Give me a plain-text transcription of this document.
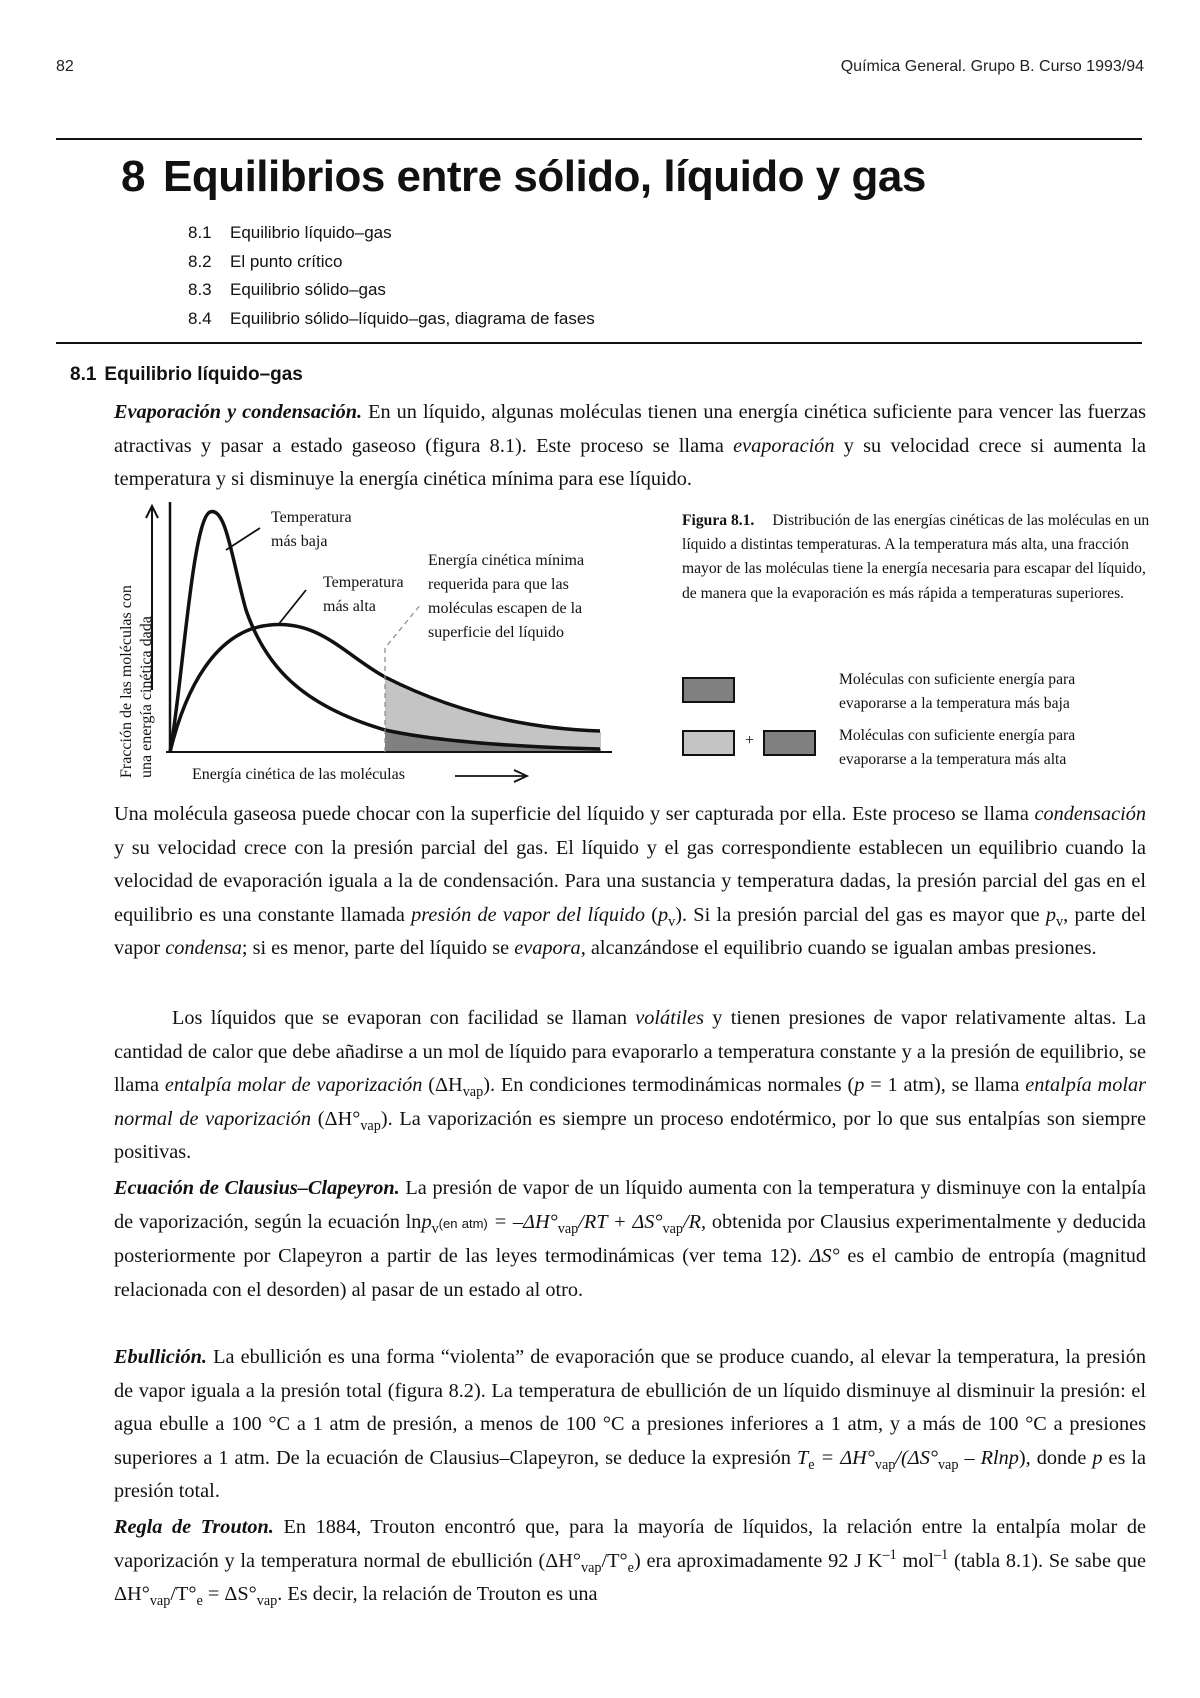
82	Química General. Grupo B. Curso 1993/94
8 Equilibrios entre sólido, líquido y gas
8.1 Equilibrio líquido–gas
8.2 El punto crítico
8.3 Equilibrio sólido–gas
8.4 Equilibrio sólido–líquido–gas, diagrama de fases
8.1 Equilibrio líquido–gas
Evaporación y condensación. En un líquido, algunas moléculas tienen una energía cinética suficiente para vencer las fuerzas atractivas y pasar a estado gaseoso (figura 8.1). Este proceso se llama evaporación y su velocidad crece si aumenta la temperatura y si disminuye la energía cinética mínima para ese líquido.
Fracción de las moléculas con una energía cinética dada Energía cinética de las moléculas
Temperatura
más baja
Temperatura
más alta
Energía cinética mínima
requerida para que las
moléculas escapen de la
superficie del líquido
Figura 8.1. Distribución de las energías cinéticas de las moléculas en un líquido a distintas temperaturas. A la temperatura más alta, una fracción mayor de las moléculas tiene la energía necesaria para escapar del líquido, de manera que la evaporación es más rápida a temperaturas superiores.
Moléculas con suficiente energía para
evaporarse a la temperatura más baja
+	Moléculas con suficiente energía para
evaporarse a la temperatura más alta
Una molécula gaseosa puede chocar con la superficie del líquido y ser capturada por ella. Este proceso se llama condensación y su velocidad crece con la presión parcial del gas. El líquido y el gas correspondiente establecen un equilibrio cuando la velocidad de evaporación iguala a la de condensación. Para una sustancia y temperatura dadas, la presión parcial del gas en el equilibrio es una constante llamada presión de vapor del líquido $(p_v)$. Si la presión parcial del gas es mayor que $p_v$, parte del vapor condensa; si es menor, parte del líquido se evapora, alcanzándose el equilibrio cuando se igualan ambas presiones.
Los líquidos que se evaporan con facilidad se llaman volátiles y tienen presiones de vapor relativamente altas. La cantidad de calor que debe añadirse a un mol de líquido para evaporarlo a temperatura constante y a la presión de equilibrio, se llama entalpía molar de vaporización $(\Delta H_{vap})$. En condiciones termodinámicas normales (p = 1 atm), se llama entalpía molar normal de vaporización $(\Delta H^\circ_{vap})$. La vaporización es siempre un proceso endotérmico, por lo que sus entalpías son siempre positivas.
Ecuación de Clausius–Clapeyron. La presión de vapor de un líquido aumenta con la temperatura y disminuye con la entalpía de vaporización, según la ecuación lnp$_v$(en $atm) = -\Delta H^\circ_{vap}/RT + \Delta S^\circ_{vap}/R$, obtenida por Clausius experimentalmente y deducida posteriormente por Clapeyron a partir de las leyes termodinámicas (ver tema 12). ΔS° es el cambio de entropía (magnitud relacionada con el desorden) al pasar de un estado al otro.
Ebullición. La ebullición es una forma “violenta” de evaporación que se produce cuando, al elevar la temperatura, la presión de vapor iguala a la presión total (figura 8.2). La temperatura de ebullición de un líquido disminuye al disminuir la presión: el agua ebulle a 100 °C a 1 atm de presión, a menos de 100 °C a presiones inferiores a 1 atm, y a más de 100 °C a presiones superiores a 1 atm. De la ecuación de Clausius–Clapeyron, se deduce la expresión $T_e = \Delta H^\circ_{vap}/(\Delta S^\circ_{vap} - Rlnp)$, donde p es la presión total.
Regla de Trouton. En 1884, Trouton encontró que, para la mayoría de líquidos, la relación entre la entalpía molar de vaporización y la temperatura normal de ebullición $(\Delta H^\circ_{vap}/T^\circ_e)$ era aproximadamente 92 J $K^{-1}$ mol$^{-1}$ (tabla 8.1). Se sabe que $\Delta H^\circ_{vap}/T^\circ_e = \Delta S^\circ_{vap}$. Es decir, la relación de Trouton es una
